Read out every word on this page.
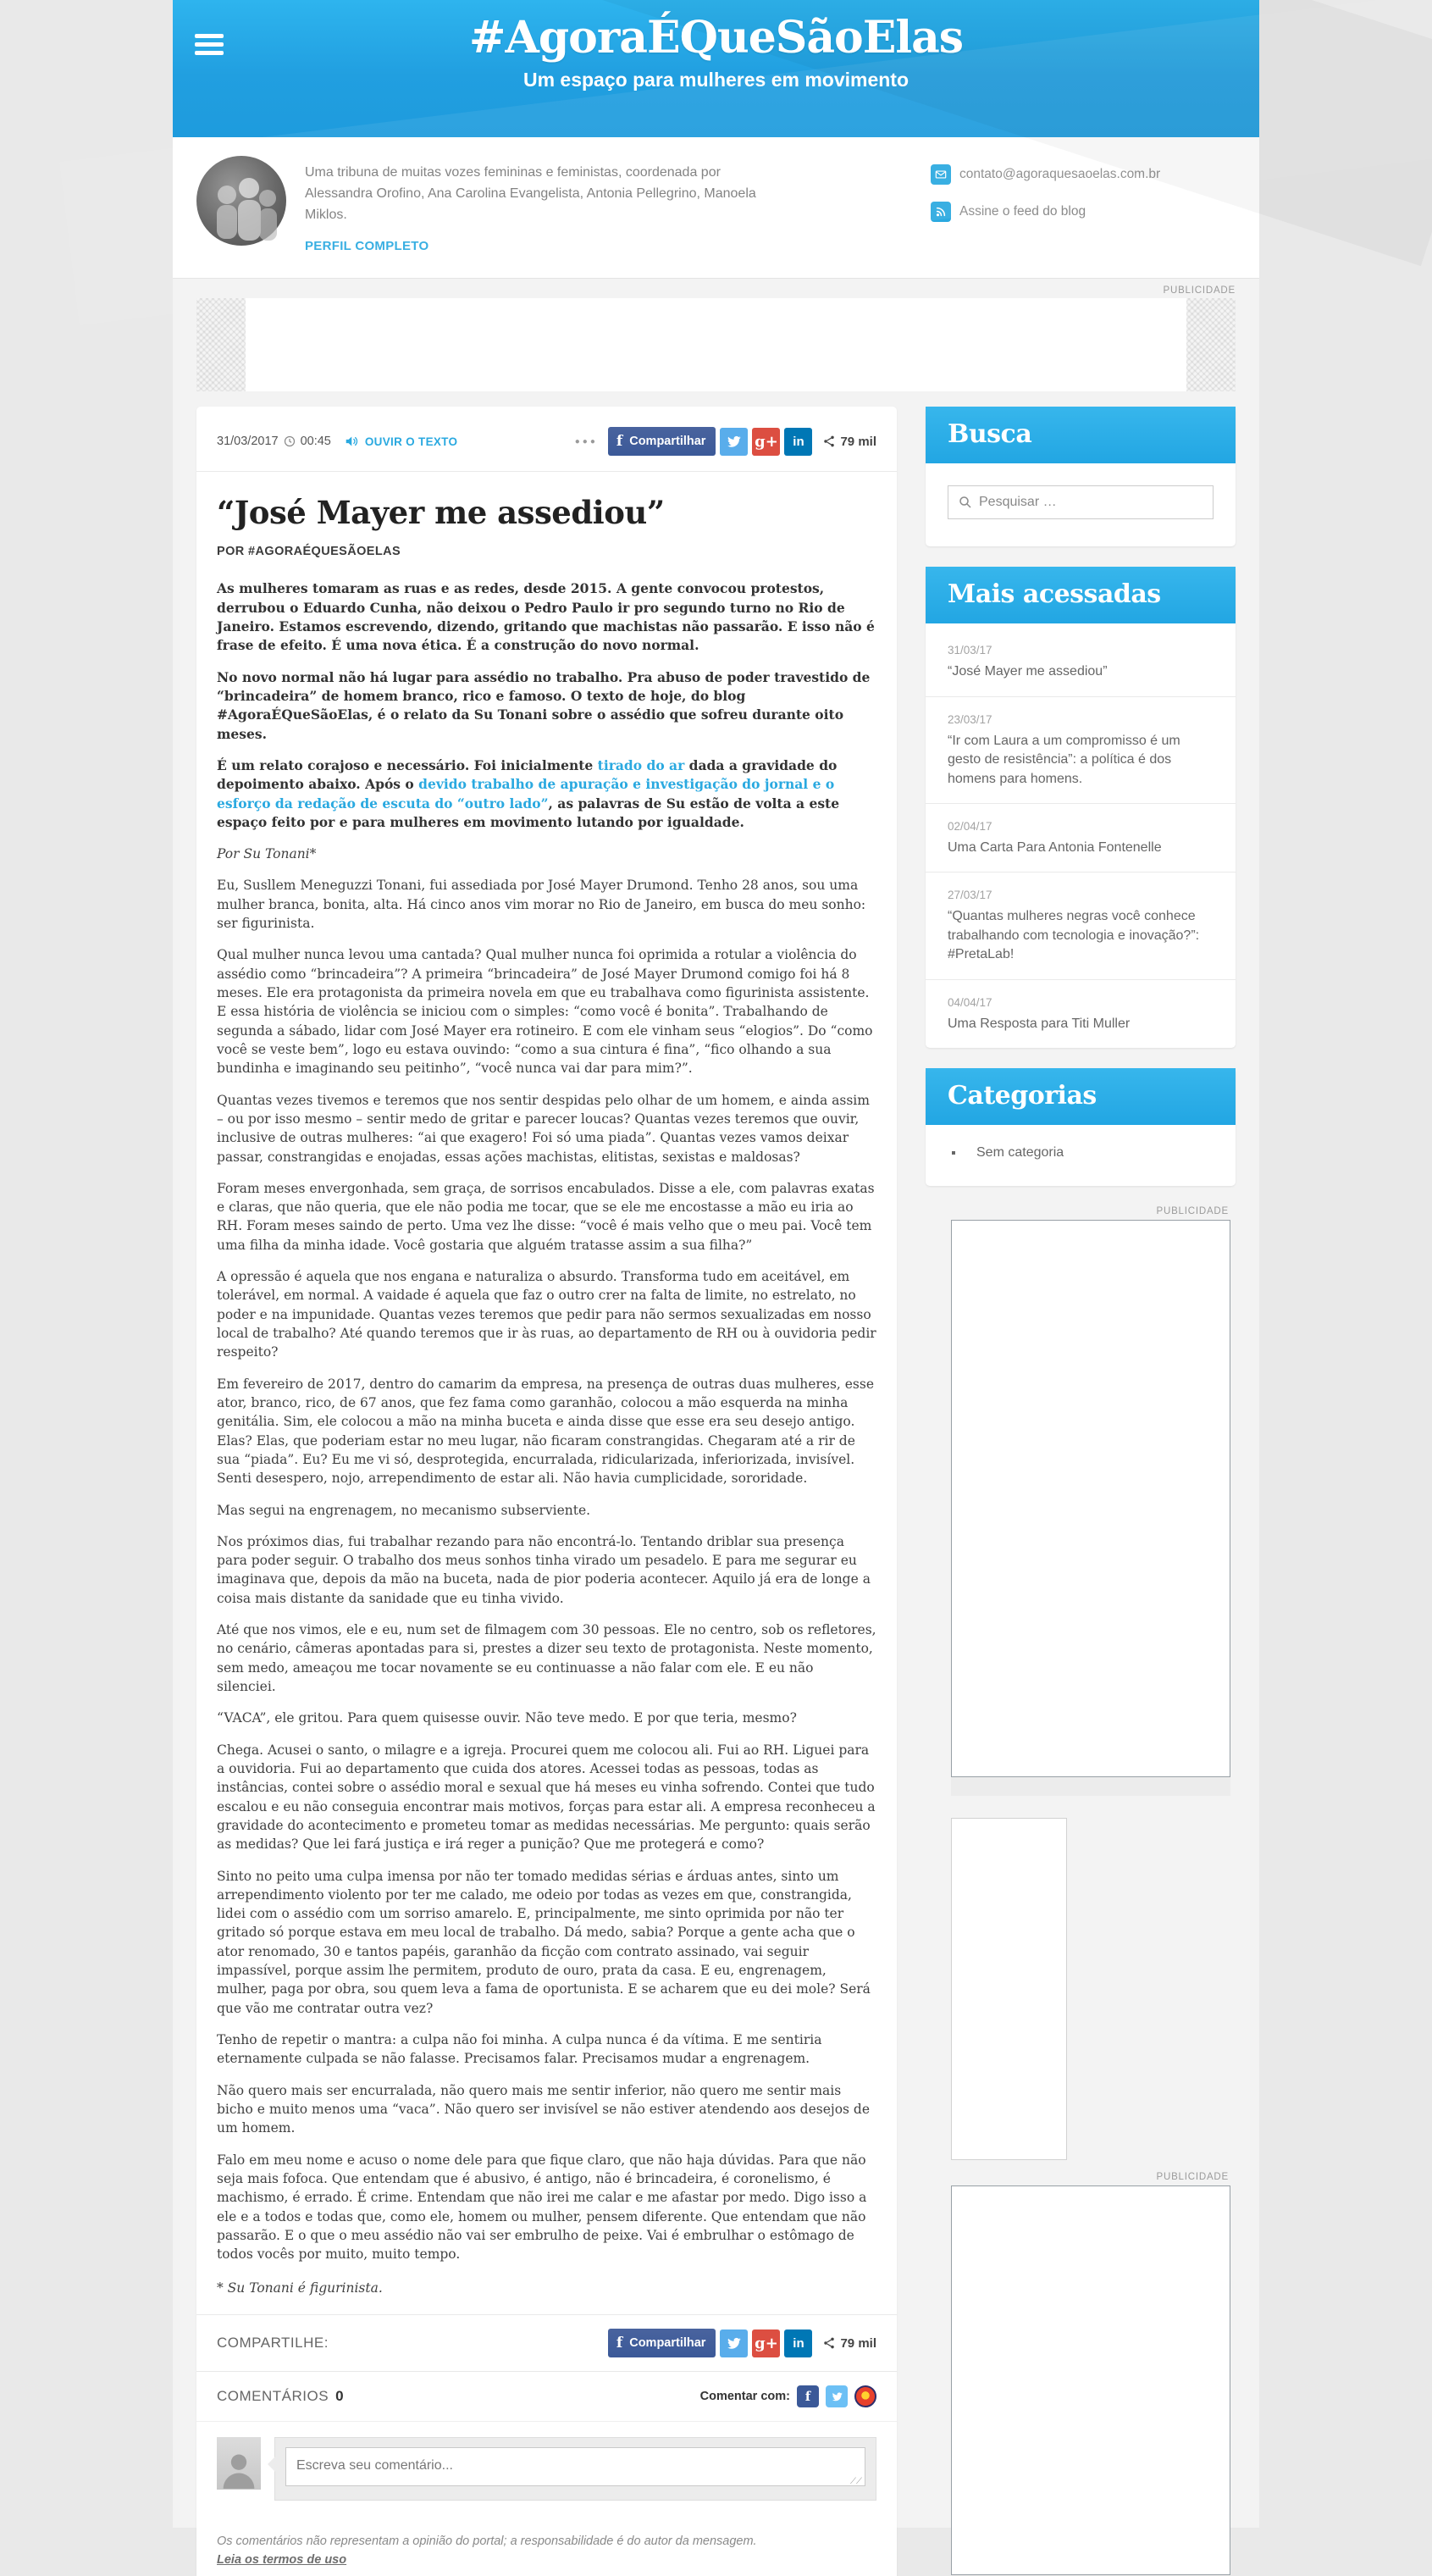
#AgoraÉQueSãoElas
Um espaço para mulheres em movimento

Uma tribuna de muitas vozes femininas e feministas, coordenada por Alessandra Orofino, Ana Carolina Evangelista, Antonia Pellegrino, Manoela Miklos.

PERFIL COMPLETO
contato@agoraquesaoelas.com.br
Assine o feed do blog
PUBLICIDADE
31/03/2017 00:45	OUVIR O TEXTO	●●● f Compartilhar	g+ in	79 mil
“José Mayer me assediou”
POR #AGORAÉQUESÃOELAS

As mulheres tomaram as ruas e as redes, desde 2015. A gente convocou protestos, derrubou o Eduardo Cunha, não deixou o Pedro Paulo ir pro segundo turno no Rio de Janeiro. Estamos escrevendo, dizendo, gritando que machistas não passarão. E isso não é frase de efeito. É uma nova ética. É a construção do novo normal.

No novo normal não há lugar para assédio no trabalho. Pra abuso de poder travestido de “brincadeira” de homem branco, rico e famoso. O texto de hoje, do blog #AgoraÉQueSãoElas, é o relato da Su Tonani sobre o assédio que sofreu durante oito meses.

É um relato corajoso e necessário. Foi inicialmente tirado do ar dada a gravidade do depoimento abaixo. Após o devido trabalho de apuração e investigação do jornal e o esforço da redação de escuta do “outro lado”, as palavras de Su estão de volta a este espaço feito por e para mulheres em movimento lutando por igualdade.

Por Su Tonani*

Eu, Susllem Meneguzzi Tonani, fui assediada por José Mayer Drumond. Tenho 28 anos, sou uma mulher branca, bonita, alta. Há cinco anos vim morar no Rio de Janeiro, em busca do meu sonho: ser figurinista.

Qual mulher nunca levou uma cantada? Qual mulher nunca foi oprimida a rotular a violência do assédio como “brincadeira”? A primeira “brincadeira” de José Mayer Drumond comigo foi há 8 meses. Ele era protagonista da primeira novela em que eu trabalhava como figurinista assistente. E essa história de violência se iniciou com o simples: “como você é bonita”. Trabalhando de segunda a sábado, lidar com José Mayer era rotineiro. E com ele vinham seus “elogios”. Do “como você se veste bem”, logo eu estava ouvindo: “como a sua cintura é fina”, “fico olhando a sua bundinha e imaginando seu peitinho”, “você nunca vai dar para mim?”.

Quantas vezes tivemos e teremos que nos sentir despidas pelo olhar de um homem, e ainda assim – ou por isso mesmo – sentir medo de gritar e parecer loucas? Quantas vezes teremos que ouvir, inclusive de outras mulheres: “ai que exagero! Foi só uma piada”. Quantas vezes vamos deixar passar, constrangidas e enojadas, essas ações machistas, elitistas, sexistas e maldosas?

Foram meses envergonhada, sem graça, de sorrisos encabulados. Disse a ele, com palavras exatas e claras, que não queria, que ele não podia me tocar, que se ele me encostasse a mão eu iria ao RH. Foram meses saindo de perto. Uma vez lhe disse: “você é mais velho que o meu pai. Você tem uma filha da minha idade. Você gostaria que alguém tratasse assim a sua filha?”

A opressão é aquela que nos engana e naturaliza o absurdo. Transforma tudo em aceitável, em tolerável, em normal. A vaidade é aquela que faz o outro crer na falta de limite, no estrelato, no poder e na impunidade. Quantas vezes teremos que pedir para não sermos sexualizadas em nosso local de trabalho? Até quando teremos que ir às ruas, ao departamento de RH ou à ouvidoria pedir respeito?

Em fevereiro de 2017, dentro do camarim da empresa, na presença de outras duas mulheres, esse ator, branco, rico, de 67 anos, que fez fama como garanhão, colocou a mão esquerda na minha genitália. Sim, ele colocou a mão na minha buceta e ainda disse que esse era seu desejo antigo. Elas? Elas, que poderiam estar no meu lugar, não ficaram constrangidas. Chegaram até a rir de sua “piada”. Eu? Eu me vi só, desprotegida, encurralada, ridicularizada, inferiorizada, invisível. Senti desespero, nojo, arrependimento de estar ali. Não havia cumplicidade, sororidade.

Mas segui na engrenagem, no mecanismo subserviente.

Nos próximos dias, fui trabalhar rezando para não encontrá-lo. Tentando driblar sua presença para poder seguir. O trabalho dos meus sonhos tinha virado um pesadelo. E para me segurar eu imaginava que, depois da mão na buceta, nada de pior poderia acontecer. Aquilo já era de longe a coisa mais distante da sanidade que eu tinha vivido.

Até que nos vimos, ele e eu, num set de filmagem com 30 pessoas. Ele no centro, sob os refletores, no cenário, câmeras apontadas para si, prestes a dizer seu texto de protagonista. Neste momento, sem medo, ameaçou me tocar novamente se eu continuasse a não falar com ele. E eu não silenciei.

“VACA”, ele gritou. Para quem quisesse ouvir. Não teve medo. E por que teria, mesmo?

Chega. Acusei o santo, o milagre e a igreja. Procurei quem me colocou ali. Fui ao RH. Liguei para a ouvidoria. Fui ao departamento que cuida dos atores. Acessei todas as pessoas, todas as instâncias, contei sobre o assédio moral e sexual que há meses eu vinha sofrendo. Contei que tudo escalou e eu não conseguia encontrar mais motivos, forças para estar ali. A empresa reconheceu a gravidade do acontecimento e prometeu tomar as medidas necessárias. Me pergunto: quais serão as medidas? Que lei fará justiça e irá reger a punição? Que me protegerá e como?

Sinto no peito uma culpa imensa por não ter tomado medidas sérias e árduas antes, sinto um arrependimento violento por ter me calado, me odeio por todas as vezes em que, constrangida, lidei com o assédio com um sorriso amarelo. E, principalmente, me sinto oprimida por não ter gritado só porque estava em meu local de trabalho. Dá medo, sabia? Porque a gente acha que o ator renomado, 30 e tantos papéis, garanhão da ficção com contrato assinado, vai seguir impassível, porque assim lhe permitem, produto de ouro, prata da casa. E eu, engrenagem, mulher, paga por obra, sou quem leva a fama de oportunista. E se acharem que eu dei mole? Será que vão me contratar outra vez?

Tenho de repetir o mantra: a culpa não foi minha. A culpa nunca é da vítima. E me sentiria eternamente culpada se não falasse. Precisamos falar. Precisamos mudar a engrenagem.

Não quero mais ser encurralada, não quero mais me sentir inferior, não quero me sentir mais bicho e muito menos uma “vaca”. Não quero ser invisível se não estiver atendendo aos desejos de um homem.

Falo em meu nome e acuso o nome dele para que fique claro, que não haja dúvidas. Para que não seja mais fofoca. Que entendam que é abusivo, é antigo, não é brincadeira, é coronelismo, é machismo, é errado. É crime. Entendam que não irei me calar e me afastar por medo. Digo isso a ele e a todos e todas que, como ele, homem ou mulher, pensem diferente. Que entendam que não passarão. E o que o meu assédio não vai ser embrulho de peixe. Vai é embrulhar o estômago de todos vocês por muito, muito tempo.

* Su Tonani é figurinista.
COMPARTILHE:	f Compartilhar	g+ in	79 mil
COMENTÁRIOS 0	Comentar com:	f
Escreva seu comentário...
⟋⟋

Os comentários não representam a opinião do portal; a responsabilidade é do autor da mensagem.

Leia os termos de uso
Busca
Pesquisar …
Mais acessadas
31/03/17
“José Mayer me assediou”
23/03/17
“Ir com Laura a um compromisso é um gesto de resistência”: a política é dos homens para homens.
02/04/17
Uma Carta Para Antonia Fontenelle
27/03/17
“Quantas mulheres negras você conhece trabalhando com tecnologia e inovação?”: #PretaLab!
04/04/17
Uma Resposta para Titi Muller
Categorias
▪ Sem categoria
PUBLICIDADE
PUBLICIDADE
